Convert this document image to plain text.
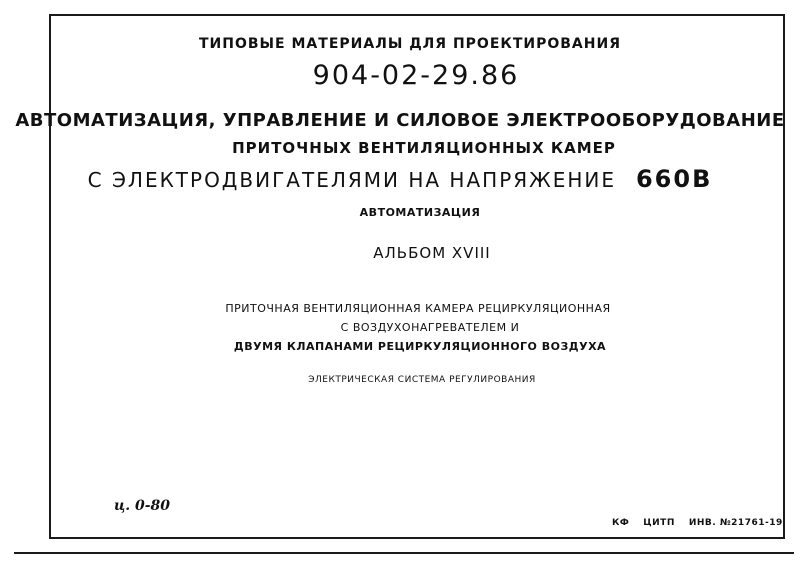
ТИПОВЫЕ МАТЕРИАЛЫ ДЛЯ ПРОЕКТИРОВАНИЯ
904-02-29.86
АВТОМАТИЗАЦИЯ, УПРАВЛЕНИЕ И СИЛОВОЕ ЭЛЕКТРООБОРУДОВАНИЕ
ПРИТОЧНЫХ ВЕНТИЛЯЦИОННЫХ КАМЕР
С ЭЛЕКТРОДВИГАТЕЛЯМИ НА НАПРЯЖЕНИЕ 660В
АВТОМАТИЗАЦИЯ
АЛЬБОМ XVIII
ПРИТОЧНАЯ ВЕНТИЛЯЦИОННАЯ КАМЕРА РЕЦИРКУЛЯЦИОННАЯ
С ВОЗДУХОНАГРЕВАТЕЛЕМ И
ДВУМЯ КЛАПАНАМИ РЕЦИРКУЛЯЦИОННОГО ВОЗДУХА
ЭЛЕКТРИЧЕСКАЯ СИСТЕМА РЕГУЛИРОВАНИЯ
ц. 0-80
КФ ЦИТП ИНВ. №21761-19
